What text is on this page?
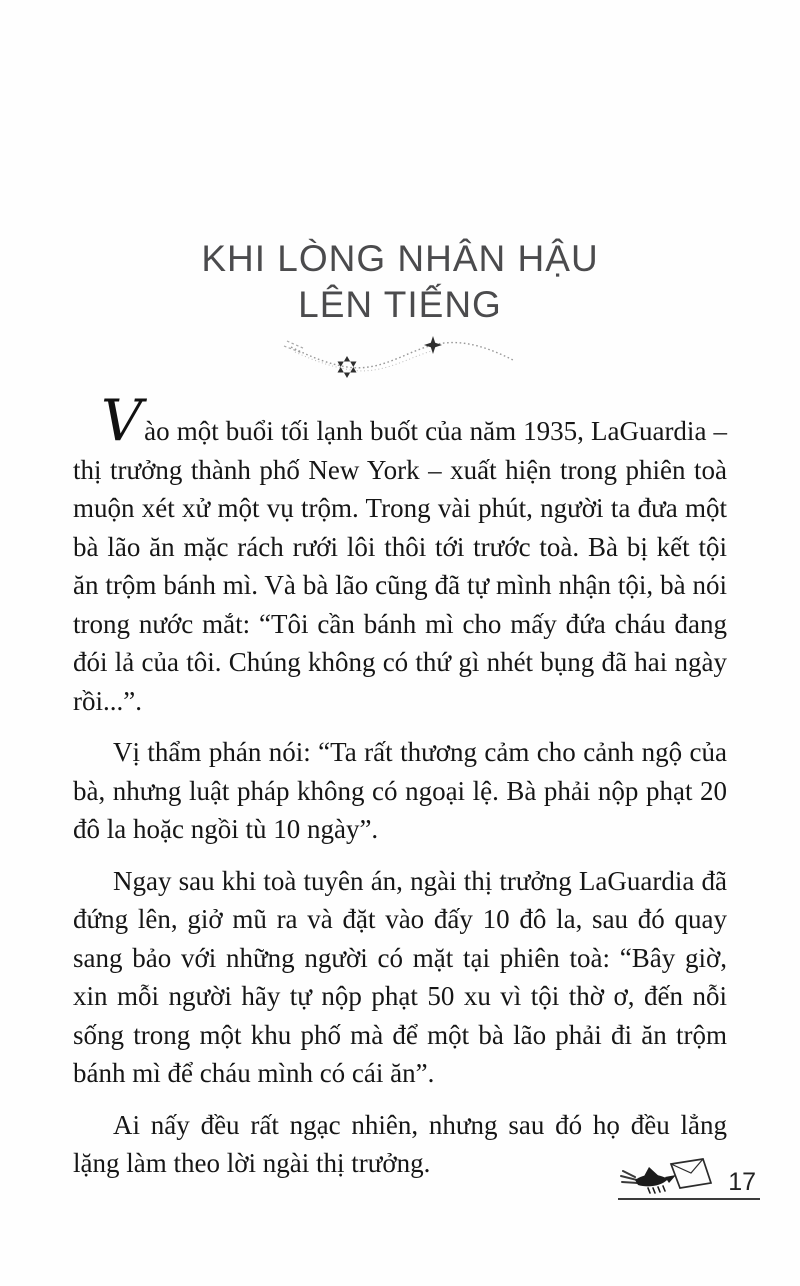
KHI LÒNG NHÂN HẬU
LÊN TIẾNG

Vào một buổi tối lạnh buốt của năm 1935, LaGuardia – thị trưởng thành phố New York – xuất hiện trong phiên toà muộn xét xử một vụ trộm. Trong vài phút, người ta đưa một bà lão ăn mặc rách rưới lôi thôi tới trước toà. Bà bị kết tội ăn trộm bánh mì. Và bà lão cũng đã tự mình nhận tội, bà nói trong nước mắt: “Tôi cần bánh mì cho mấy đứa cháu đang đói lả của tôi. Chúng không có thứ gì nhét bụng đã hai ngày rồi...”.

Vị thẩm phán nói: “Ta rất thương cảm cho cảnh ngộ của bà, nhưng luật pháp không có ngoại lệ. Bà phải nộp phạt 20 đô la hoặc ngồi tù 10 ngày”.

Ngay sau khi toà tuyên án, ngài thị trưởng LaGuardia đã đứng lên, giở mũ ra và đặt vào đấy 10 đô la, sau đó quay sang bảo với những người có mặt tại phiên toà: “Bây giờ, xin mỗi người hãy tự nộp phạt 50 xu vì tội thờ ơ, đến nỗi sống trong một khu phố mà để một bà lão phải đi ăn trộm bánh mì để cháu mình có cái ăn”.

Ai nấy đều rất ngạc nhiên, nhưng sau đó họ đều lẳng lặng làm theo lời ngài thị trưởng.

17
